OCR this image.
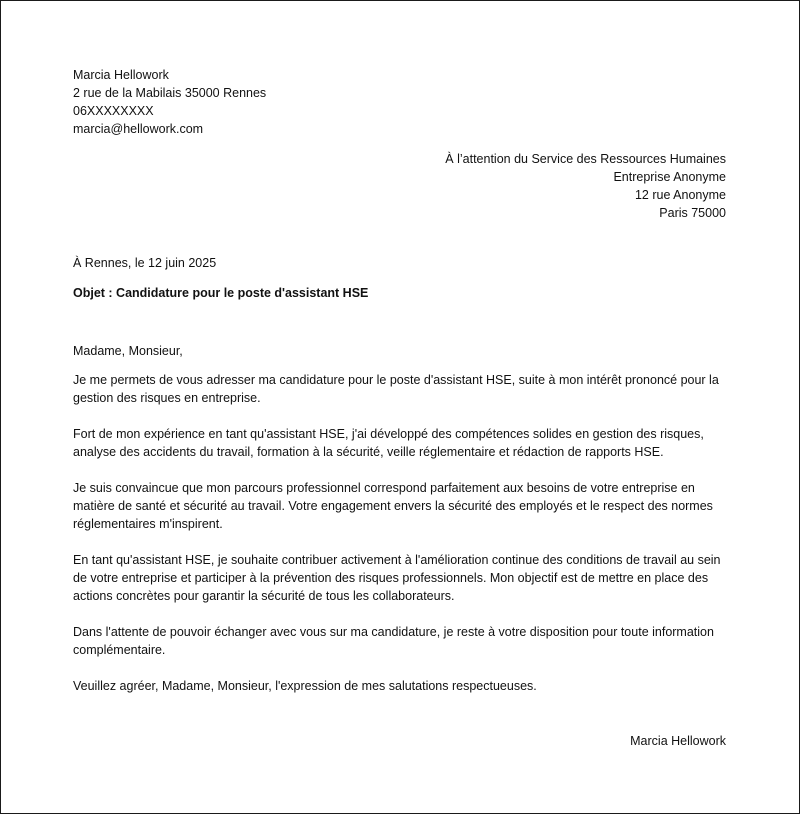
Marcia Hellowork
2 rue de la Mabilais 35000 Rennes
06XXXXXXXX
marcia@hellowork.com
À l’attention du Service des Ressources Humaines
Entreprise Anonyme
12 rue Anonyme
Paris 75000
À Rennes, le 12 juin 2025
Objet : Candidature pour le poste d'assistant HSE

Madame, Monsieur,

Je me permets de vous adresser ma candidature pour le poste d'assistant HSE, suite à mon intérêt prononcé pour la gestion des risques en entreprise.

Fort de mon expérience en tant qu'assistant HSE, j'ai développé des compétences solides en gestion des risques, analyse des accidents du travail, formation à la sécurité, veille réglementaire et rédaction de rapports HSE.

Je suis convaincue que mon parcours professionnel correspond parfaitement aux besoins de votre entreprise en matière de santé et sécurité au travail. Votre engagement envers la sécurité des employés et le respect des normes réglementaires m'inspirent.

En tant qu'assistant HSE, je souhaite contribuer activement à l'amélioration continue des conditions de travail au sein de votre entreprise et participer à la prévention des risques professionnels. Mon objectif est de mettre en place des actions concrètes pour garantir la sécurité de tous les collaborateurs.

Dans l'attente de pouvoir échanger avec vous sur ma candidature, je reste à votre disposition pour toute information complémentaire.

Veuillez agréer, Madame, Monsieur, l'expression de mes salutations respectueuses.

Marcia Hellowork
